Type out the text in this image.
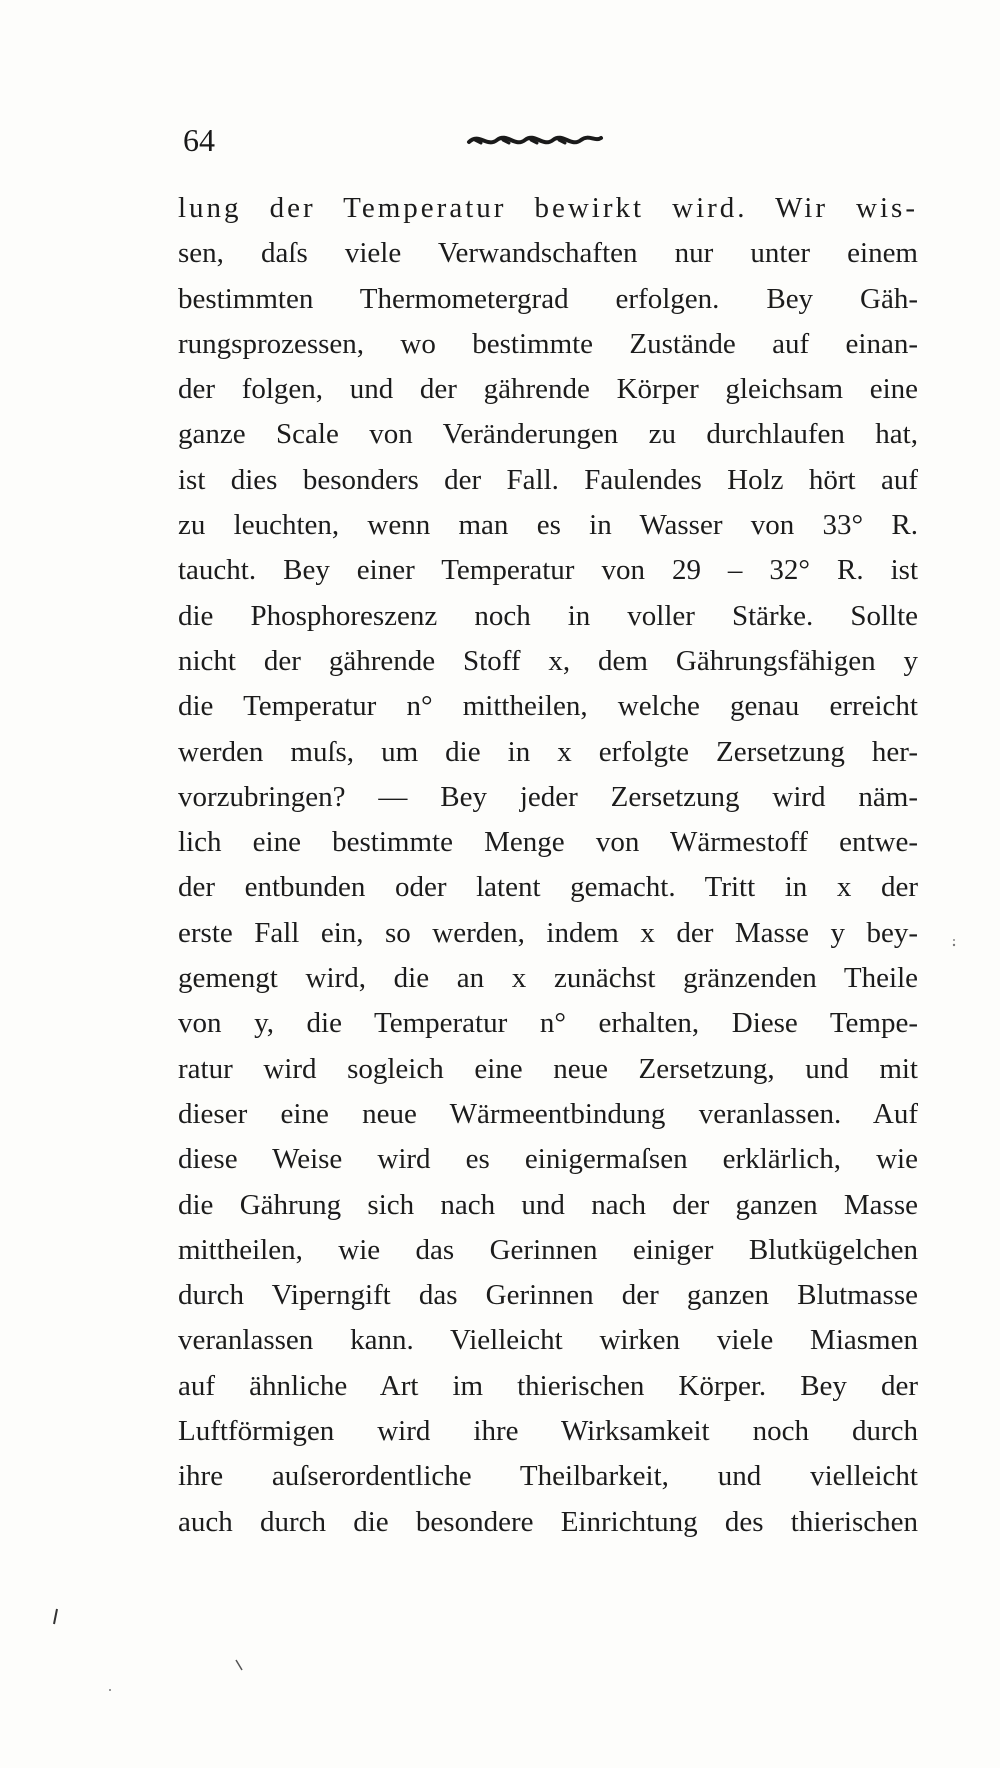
64
lung der Temperatur bewirkt wird. Wir wis-
sen, daſs viele Verwandschaften nur unter einem
bestimmten Thermometergrad erfolgen. Bey Gäh-
rungsprozessen, wo bestimmte Zustände auf einan-
der folgen, und der gährende Körper gleichsam eine
ganze Scale von Veränderungen zu durchlaufen hat,
ist dies besonders der Fall. Faulendes Holz hört auf
zu leuchten, wenn man es in Wasser von 33° R.
taucht. Bey einer Temperatur von 29 – 32° R. ist
die Phosphoreszenz noch in voller Stärke. Sollte
nicht der gährende Stoff x, dem Gährungsfähigen y
die Temperatur n° mittheilen, welche genau erreicht
werden muſs, um die in x erfolgte Zersetzung her-
vorzubringen? — Bey jeder Zersetzung wird näm-
lich eine bestimmte Menge von Wärmestoff entwe-
der entbunden oder latent gemacht. Tritt in x der
erste Fall ein, so werden, indem x der Masse y bey-
gemengt wird, die an x zunächst gränzenden Theile
von y, die Temperatur n° erhalten, Diese Tempe-
ratur wird sogleich eine neue Zersetzung, und mit
dieser eine neue Wärmeentbindung veranlassen. Auf
diese Weise wird es einigermaſsen erklärlich, wie
die Gährung sich nach und nach der ganzen Masse
mittheilen, wie das Gerinnen einiger Blutkügelchen
durch Viperngift das Gerinnen der ganzen Blutmasse
veranlassen kann. Vielleicht wirken viele Miasmen
auf ähnliche Art im thierischen Körper. Bey der
Luftförmigen wird ihre Wirksamkeit noch durch
ihre auſserordentliche Theilbarkeit, und vielleicht
auch durch die besondere Einrichtung des thierischen
